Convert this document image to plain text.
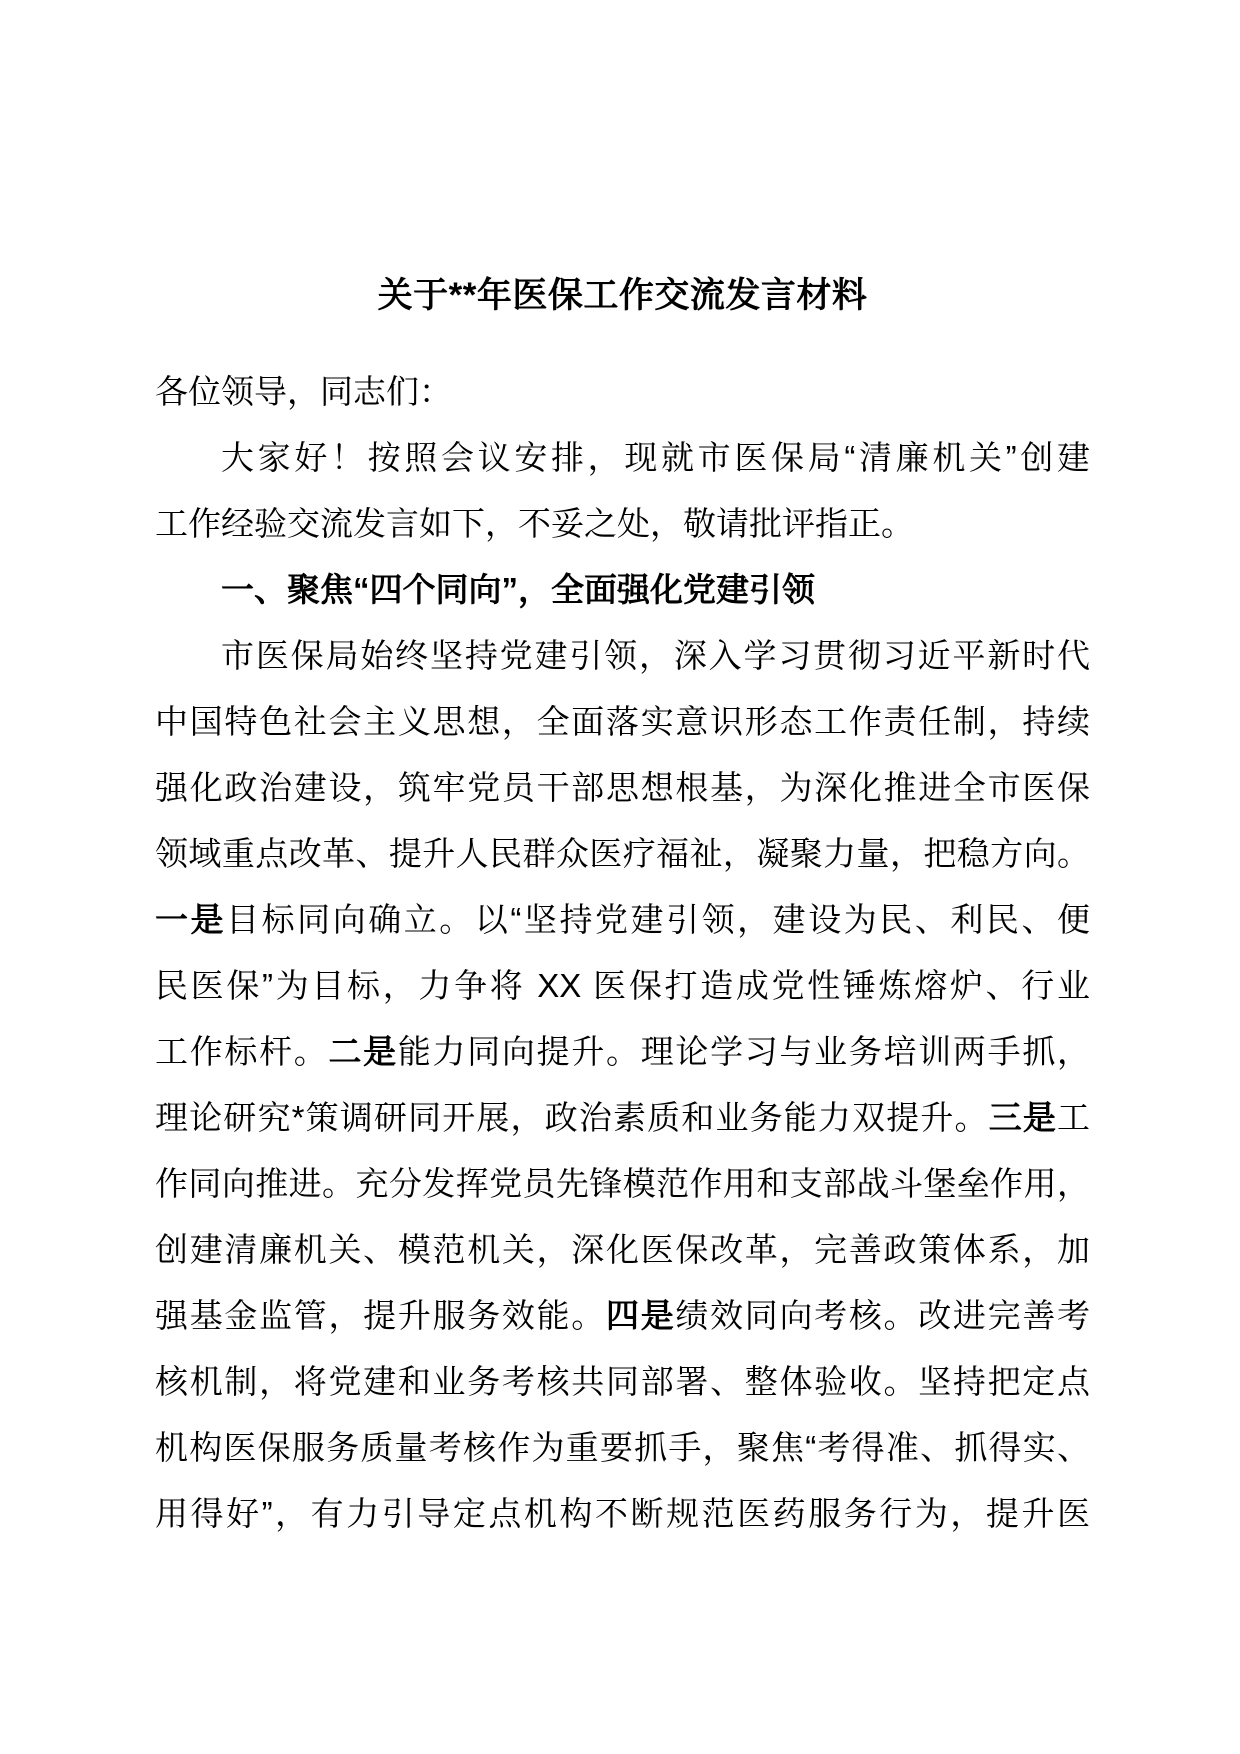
关于**年医保工作交流发言材料
各位领导，同志们：
大家好！按照会议安排，现就市医保局“清廉机关”创建
工作经验交流发言如下，不妥之处，敬请批评指正。
一、聚焦“四个同向”，全面强化党建引领
市医保局始终坚持党建引领，深入学习贯彻习近平新时代
中国特色社会主义思想，全面落实意识形态工作责任制，持续
强化政治建设，筑牢党员干部思想根基，为深化推进全市医保
领域重点改革、提升人民群众医疗福祉，凝聚力量，把稳方向。
一是目标同向确立。以“坚持党建引领，建设为民、利民、便
民医保”为目标，力争将 XX 医保打造成党性锤炼熔炉、行业
工作标杆。二是能力同向提升。理论学习与业务培训两手抓，
理论研究*策调研同开展，政治素质和业务能力双提升。三是工
作同向推进。充分发挥党员先锋模范作用和支部战斗堡垒作用，
创建清廉机关、模范机关，深化医保改革，完善政策体系，加
强基金监管，提升服务效能。四是绩效同向考核。改进完善考
核机制，将党建和业务考核共同部署、整体验收。坚持把定点
机构医保服务质量考核作为重要抓手，聚焦“考得准、抓得实、
用得好”，有力引导定点机构不断规范医药服务行为，提升医
